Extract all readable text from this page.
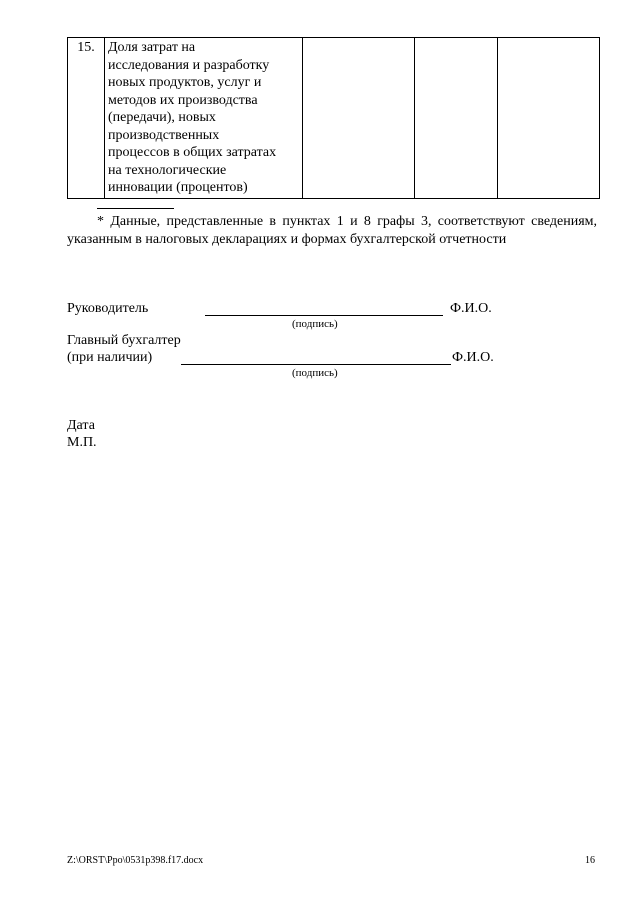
15.	Доля затрат на
исследования и разработку
новых продуктов, услуг и
методов их производства
(передачи), новых
производственных
процессов в общих затратах
на технологические
инновации (процентов)			
* Данные, представленные в пунктах 1 и 8 графы 3, соответствуют сведениям, указанным в налоговых декларациях и формах бухгалтерской отчетности
Руководитель	Ф.И.О.
(подпись)
Главный бухгалтер
(при наличии)	Ф.И.О.
(подпись)
Дата
М.П.
Z:\ORST\Ppo\0531p398.f17.docx	16
